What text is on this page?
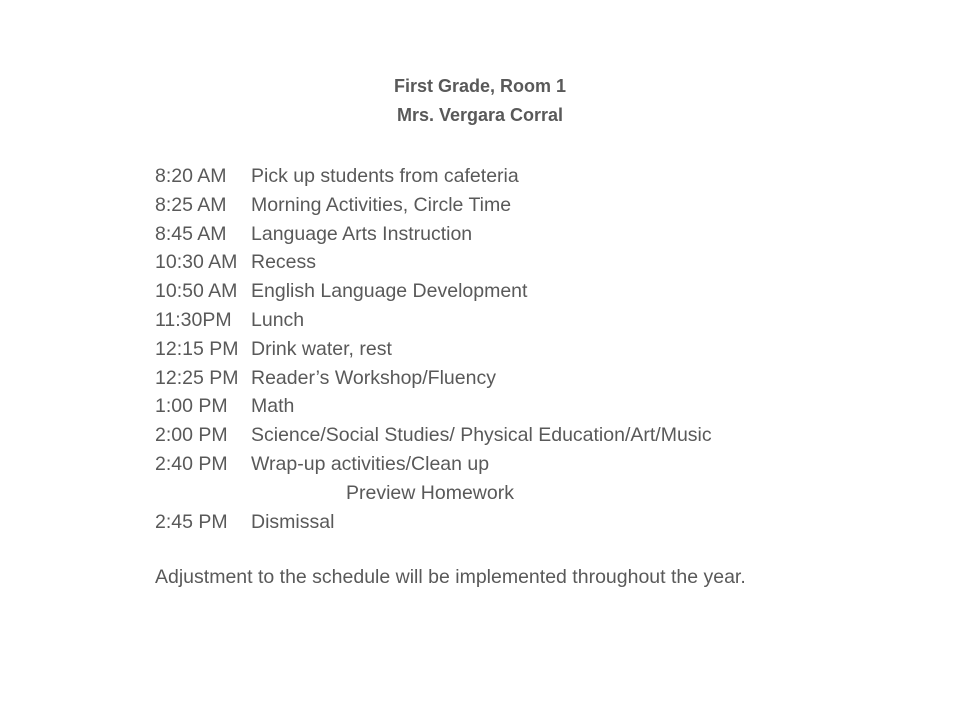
First Grade, Room 1
Mrs. Vergara Corral
8:20 AM Pick up students from cafeteria
8:25 AM Morning Activities, Circle Time
8:45 AM Language Arts Instruction
10:30 AM Recess
10:50 AM English Language Development
11:30PM Lunch
12:15 PM Drink water, rest
12:25 PM Reader’s Workshop/Fluency
1:00 PM Math
2:00 PM Science/Social Studies/ Physical Education/Art/Music
2:40 PM Wrap-up activities/Clean up
Preview Homework
2:45 PM Dismissal
Adjustment to the schedule will be implemented throughout the year.
